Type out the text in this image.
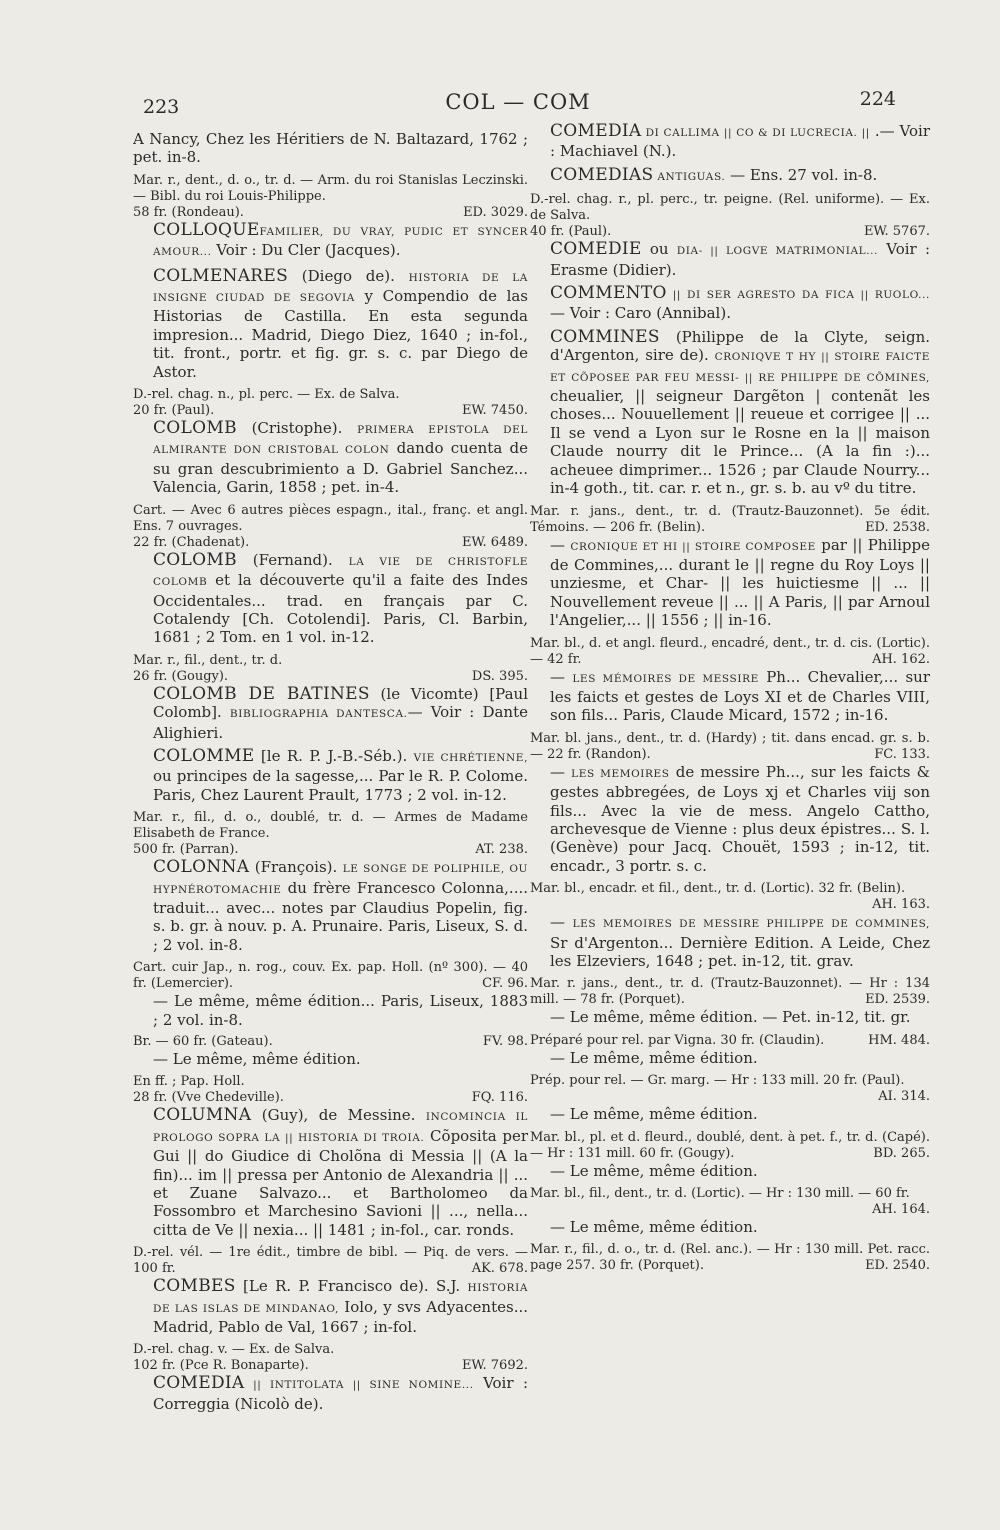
223	COL — COM	224

A Nancy, Chez les Héritiers de N. Baltazard, 1762 ; pet. in-8.

Mar. r., dent., d. o., tr. d. — Arm. du roi Stanislas Leczinski. — Bibl. du roi Louis-Philippe.

58 fr. (Rondeau).	ED. 3029.

COLLOQUEFAMILIER, DU VRAY, PUDIC ET SYNCER AMOUR... Voir : Du Cler (Jacques).

COLMENARES (Diego de). HISTORIA DE LA INSIGNE CIUDAD DE SEGOVIA y Compendio de las Historias de Castilla. En esta segunda impresion... Madrid, Diego Diez, 1640 ; in-fol., tit. front., portr. et fig. gr. s. c. par Diego de Astor.

D.-rel. chag. n., pl. perc. — Ex. de Salva.

20 fr. (Paul).	EW. 7450.

COLOMB (Cristophe). PRIMERA EPISTOLA DEL ALMIRANTE DON CRISTOBAL COLON dando cuenta de su gran descubrimiento a D. Gabriel Sanchez... Valencia, Garin, 1858 ; pet. in-4.

Cart. — Avec 6 autres pièces espagn., ital., franç. et angl. Ens. 7 ouvrages.

22 fr. (Chadenat).	EW. 6489.

COLOMB (Fernand). LA VIE DE CHRISTOFLE COLOMB et la découverte qu'il a faite des Indes Occidentales... trad. en français par C. Cotalendy [Ch. Cotolendi]. Paris, Cl. Barbin, 1681 ; 2 Tom. en 1 vol. in-12.

Mar. r., fil., dent., tr. d.

26 fr. (Gougy).	DS. 395.

COLOMB DE BATINES (le Vicomte) [Paul Colomb]. BIBLIOGRAPHIA DANTESCA.— Voir : Dante Alighieri.

COLOMME [le R. P. J.-B.-Séb.). VIE CHRÉTIENNE, ou principes de la sagesse,... Par le R. P. Colome. Paris, Chez Laurent Prault, 1773 ; 2 vol. in-12.

Mar. r., fil., d. o., doublé, tr. d. — Armes de Madame Elisabeth de France.

500 fr. (Parran).	AT. 238.

COLONNA (François). LE SONGE DE POLIPHILE, OU HYPNÉROTOMACHIE du frère Francesco Colonna,.... traduit... avec... notes par Claudius Popelin, fig. s. b. gr. à nouv. p. A. Prunaire. Paris, Liseux, S. d. ; 2 vol. in-8.

Cart. cuir Jap., n. rog., couv. Ex. pap. Holl. (nº 300). — 40 fr. (Lemercier).	CF. 96.

— Le même, même édition... Paris, Liseux, 1883 ; 2 vol. in-8.

Br. — 60 fr. (Gateau).	FV. 98.

— Le même, même édition.

En ff. ; Pap. Holl.

28 fr. (Vve Chedeville).	FQ. 116.

COLUMNA (Guy), de Messine. INCOMINCIА IL PROLOGO SOPRA LA || HISTORIA DI TROIA. Cõposita per Gui || do Giudice di Cholõna di Messia || (A la fin)... im || pressa per Antonio de Alexandria || ... et Zuane Salvazo... et Bartholomeo da Fossombro et Marchesino Savioni || ..., nella... citta de Ve || nexia... || 1481 ; in-fol., car. ronds.

D.-rel. vél. — 1re édit., timbre de bibl. — Piq. de vers. — 100 fr.	AK. 678.

COMBES [Le R. P. Francisco de). S.J. HISTORIA DE LAS ISLAS DE MINDANAO, Iolo, y svs Adyacentes... Madrid, Pablo de Val, 1667 ; in-fol.

D.-rel. chag. v. — Ex. de Salva.

102 fr. (Pce R. Bonaparte).	EW. 7692.

COMEDIA || INTITOLATA || SINE NOMINE... Voir : Correggia (Nicolò de).

COMEDIA DI CALLIMA || CO & DI LUCRECIA. || .— Voir : Machiavel (N.).

COMEDIAS ANTIGUAS. — Ens. 27 vol. in-8.

D.-rel. chag. r., pl. perc., tr. peigne. (Rel. uniforme). — Ex. de Salva.

40 fr. (Paul).	EW. 5767.

COMEDIE ou DIA- || LOGVE MATRIMONIAL... Voir : Erasme (Didier).

COMMENTO || DI SER AGRESTO DA FICA || RUOLO... — Voir : Caro (Annibal).

COMMINES (Philippe de la Clyte, seign. d'Argenton, sire de). CRONIQVE Τ HY || STOIRE FAICTE ET CÕPOSEE PAR FEU MESSI- || RE PHILIPPE DE CÕMINES, cheualier, || seigneur Dargẽton | contenãt les choses... Nouuellement || reueue et corrigee || ... Il se vend a Lyon sur le Rosne en la || maison Claude nourry dit le Prince... (A la fin :)... acheuee dimprimer... 1526 ; par Claude Nourry... in-4 goth., tit. car. r. et n., gr. s. b. au vº du titre.

Mar. r. jans., dent., tr. d. (Trautz-Bauzonnet). 5e édit. Témoins. — 206 fr. (Belin).	ED. 2538.

— CRONIQUE ET HI || STOIRE COMPOSEE par || Philippe de Commines,... durant le || regne du Roy Loys || unziesme, et Char- || les huictiesme || ... || Nouvellement reveue || ... || A Paris, || par Arnoul l'Angelier,... || 1556 ; || in-16.

Mar. bl., d. et angl. fleurd., encadré, dent., tr. d. cis. (Lortic). — 42 fr.	AH. 162.

— LES MÉMOIRES DE MESSIRE Ph... Chevalier,... sur les faicts et gestes de Loys XI et de Charles VIII, son fils... Paris, Claude Micard, 1572 ; in-16.

Mar. bl. jans., dent., tr. d. (Hardy) ; tit. dans encad. gr. s. b. — 22 fr. (Randon).	FC. 133.

— LES MEMOIRES de messire Ph..., sur les faicts & gestes abbregées, de Loys xj et Charles viij son fils... Avec la vie de mess. Angelo Cattho, archevesque de Vienne : plus deux épistres... S. l. (Genève) pour Jacq. Chouët, 1593 ; in-12, tit. encadr., 3 portr. s. c.

Mar. bl., encadr. et fil., dent., tr. d. (Lortic). 32 fr. (Belin).
AH. 163.

— LES MEMOIRES DE MESSIRE PHILIPPE DE COMMINES, Sr d'Argenton... Dernière Edition. A Leide, Chez les Elzeviers, 1648 ; pet. in-12, tit. grav.

Mar. r. jans., dent., tr. d. (Trautz-Bauzonnet). — Hr : 134 mill. — 78 fr. (Porquet).	ED. 2539.

— Le même, même édition. — Pet. in-12, tit. gr.

Préparé pour rel. par Vigna. 30 fr. (Claudin).	HM. 484.

— Le même, même édition.

Prép. pour rel. — Gr. marg. — Hr : 133 mill. 20 fr. (Paul).
AI. 314.

— Le même, même édition.

Mar. bl., pl. et d. fleurd., doublé, dent. à pet. f., tr. d. (Capé). — Hr : 131 mill. 60 fr. (Gougy).	BD. 265.

— Le même, même édition.

Mar. bl., fil., dent., tr. d. (Lortic). — Hr : 130 mill. — 60 fr.
AH. 164.

— Le même, même édition.

Mar. r., fil., d. o., tr. d. (Rel. anc.). — Hr : 130 mill. Pet. racc. page 257. 30 fr. (Porquet).	ED. 2540.
